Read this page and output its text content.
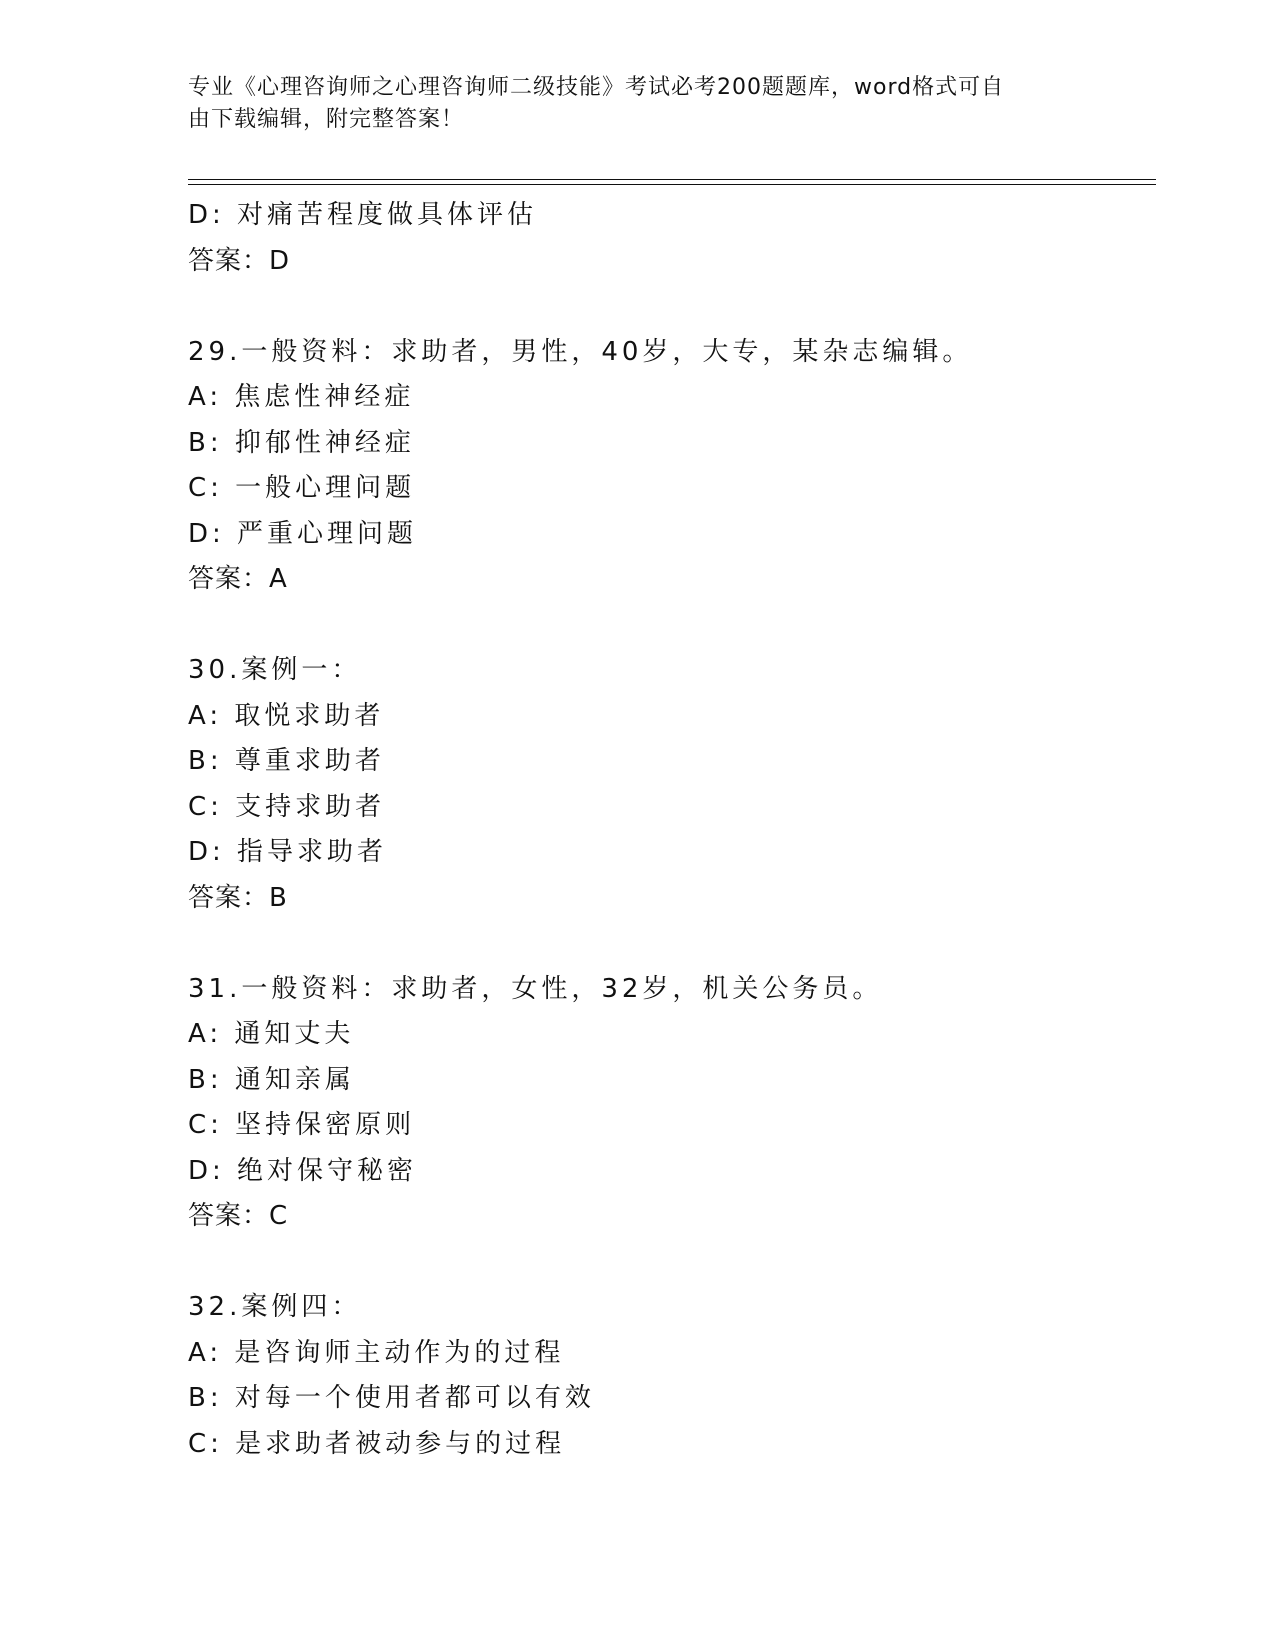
专业《心理咨询师之心理咨询师二级技能》考试必考200题题库，word格式可自
由下载编辑，附完整答案！
D: 对痛苦程度做具体评估
答案：D
29.一般资料：求助者，男性，40岁，大专，某杂志编辑。
A: 焦虑性神经症
B: 抑郁性神经症
C: 一般心理问题
D: 严重心理问题
答案：A
30.案例一：
A: 取悦求助者
B: 尊重求助者
C: 支持求助者
D: 指导求助者
答案：B
31.一般资料：求助者，女性，32岁，机关公务员。
A: 通知丈夫
B: 通知亲属
C: 坚持保密原则
D: 绝对保守秘密
答案：C
32.案例四：
A: 是咨询师主动作为的过程
B: 对每一个使用者都可以有效
C: 是求助者被动参与的过程
